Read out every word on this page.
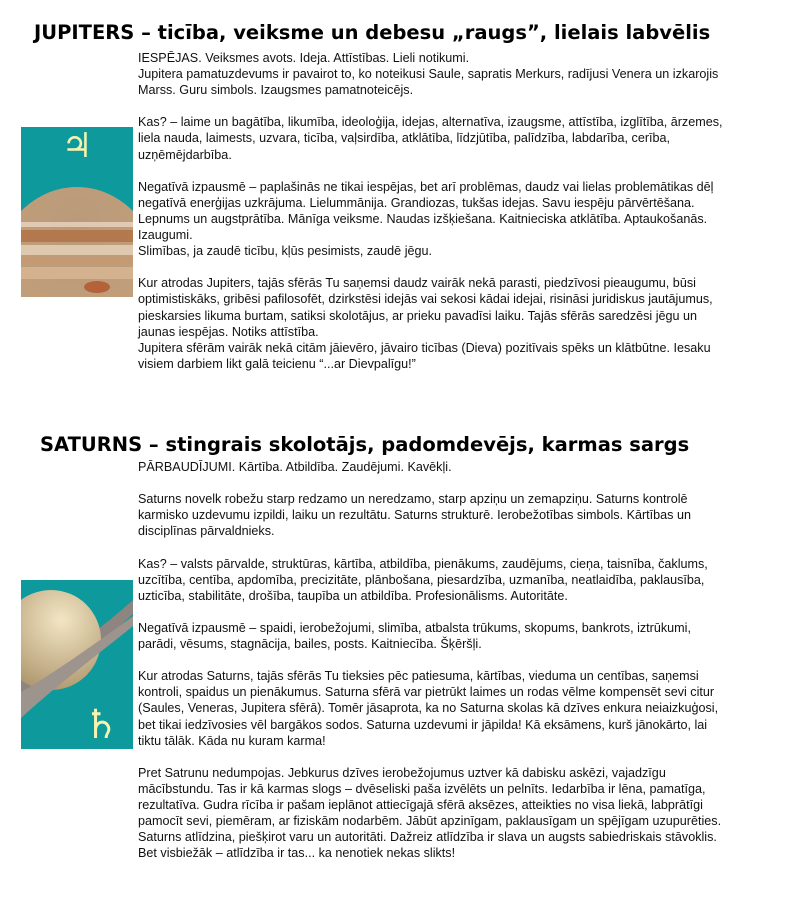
JUPITERS – ticība, veiksme un debesu „raugs”, lielais labvēlis
♃
IESPĒJAS. Veiksmes avots. Ideja. Attīstības. Lieli notikumi.
Jupitera pamatuzdevums ir pavairot to, ko noteikusi Saule, sapratis Merkurs, radījusi Venera un izkarojis
Marss. Guru simbols. Izaugsmes pamatnoteicējs.
Kas? – laime un bagātība, likumība, ideoloģija, idejas, alternatīva, izaugsme, attīstība, izglītība, ārzemes,
liela nauda, laimests, uzvara, ticība, vaļsirdība, atklātība, līdzjūtība, palīdzība, labdarība, cerība,
uzņēmējdarbība.
Negatīvā izpausmē – paplašinās ne tikai iespējas, bet arī problēmas, daudz vai lielas problemātikas dēļ
negatīvā enerģijas uzkrājuma. Lielummānija. Grandiozas, tukšas idejas. Savu iespēju pārvērtēšana.
Lepnums un augstprātība. Mānīga veiksme. Naudas izšķiešana. Kaitnieciska atklātība. Aptaukošanās.
Izaugumi.
Slimības, ja zaudē ticību, kļūs pesimists, zaudē jēgu.
Kur atrodas Jupiters, tajās sfērās Tu saņemsi daudz vairāk nekā parasti, piedzīvosi pieaugumu, būsi
optimistiskāks, gribēsi pafilosofēt, dzirkstēsi idejās vai sekosi kādai idejai, risināsi juridiskus jautājumus,
pieskarsies likuma burtam, satiksi skolotājus, ar prieku pavadīsi laiku. Tajās sfērās saredzēsi jēgu un
jaunas iespējas. Notiks attīstība.
Jupitera sfērām vairāk nekā citām jāievēro, jāvairo ticības (Dieva) pozitīvais spēks un klātbūtne. Iesaku
visiem darbiem likt galā teicienu “...ar Dievpalīgu!”
SATURNS – stingrais skolotājs, padomdevējs, karmas sargs
♄
PĀRBAUDĪJUMI. Kārtība. Atbildība. Zaudējumi. Kavēkļi.
Saturns novelk robežu starp redzamo un neredzamo, starp apziņu un zemapziņu. Saturns kontrolē
karmisko uzdevumu izpildi, laiku un rezultātu. Saturns strukturē. Ierobežotības simbols. Kārtības un
disciplīnas pārvaldnieks.
Kas? – valsts pārvalde, struktūras, kārtība, atbildība, pienākums, zaudējums, cieņa, taisnība, čaklums,
uzcītība, centība, apdomība, precizitāte, plānbošana, piesardzība, uzmanība, neatlaidība, paklausība,
uzticība, stabilitāte, drošība, taupība un atbildība. Profesionālisms. Autoritāte.
Negatīvā izpausmē – spaidi, ierobežojumi, slimība, atbalsta trūkums, skopums, bankrots, iztrūkumi,
parādi, vēsums, stagnācija, bailes, posts. Kaitniecība. Šķēršļi.
Kur atrodas Saturns, tajās sfērās Tu tieksies pēc patiesuma, kārtības, vieduma un centības, saņemsi
kontroli, spaidus un pienākumus. Saturna sfērā var pietrūkt laimes un rodas vēlme kompensēt sevi citur
(Saules, Veneras, Jupitera sfērā). Tomēr jāsaprota, ka no Saturna skolas kā dzīves enkura neiaizkuģosi,
bet tikai iedzīvosies vēl bargākos sodos. Saturna uzdevumi ir jāpilda! Kā eksāmens, kurš jānokārto, lai
tiktu tālāk. Kāda nu kuram karma!
Pret Satrunu nedumpojas. Jebkurus dzīves ierobežojumus uztver kā dabisku askēzi, vajadzīgu
mācībstundu. Tas ir kā karmas slogs – dvēseliski paša izvēlēts un pelnīts. Iedarbība ir lēna, pamatīga,
rezultatīva. Gudra rīcība ir pašam ieplānot attiecīgajā sfērā aksēzes, atteikties no visa liekā, labprātīgi
pamocīt sevi, piemēram, ar fiziskām nodarbēm. Jābūt apzinīgam, paklausīgam un spējīgam uzupurēties.
Saturns atlīdzina, piešķirot varu un autoritāti. Dažreiz atlīdzība ir slava un augsts sabiedriskais stāvoklis.
Bet visbiežāk – atlīdzība ir tas... ka nenotiek nekas slikts!
